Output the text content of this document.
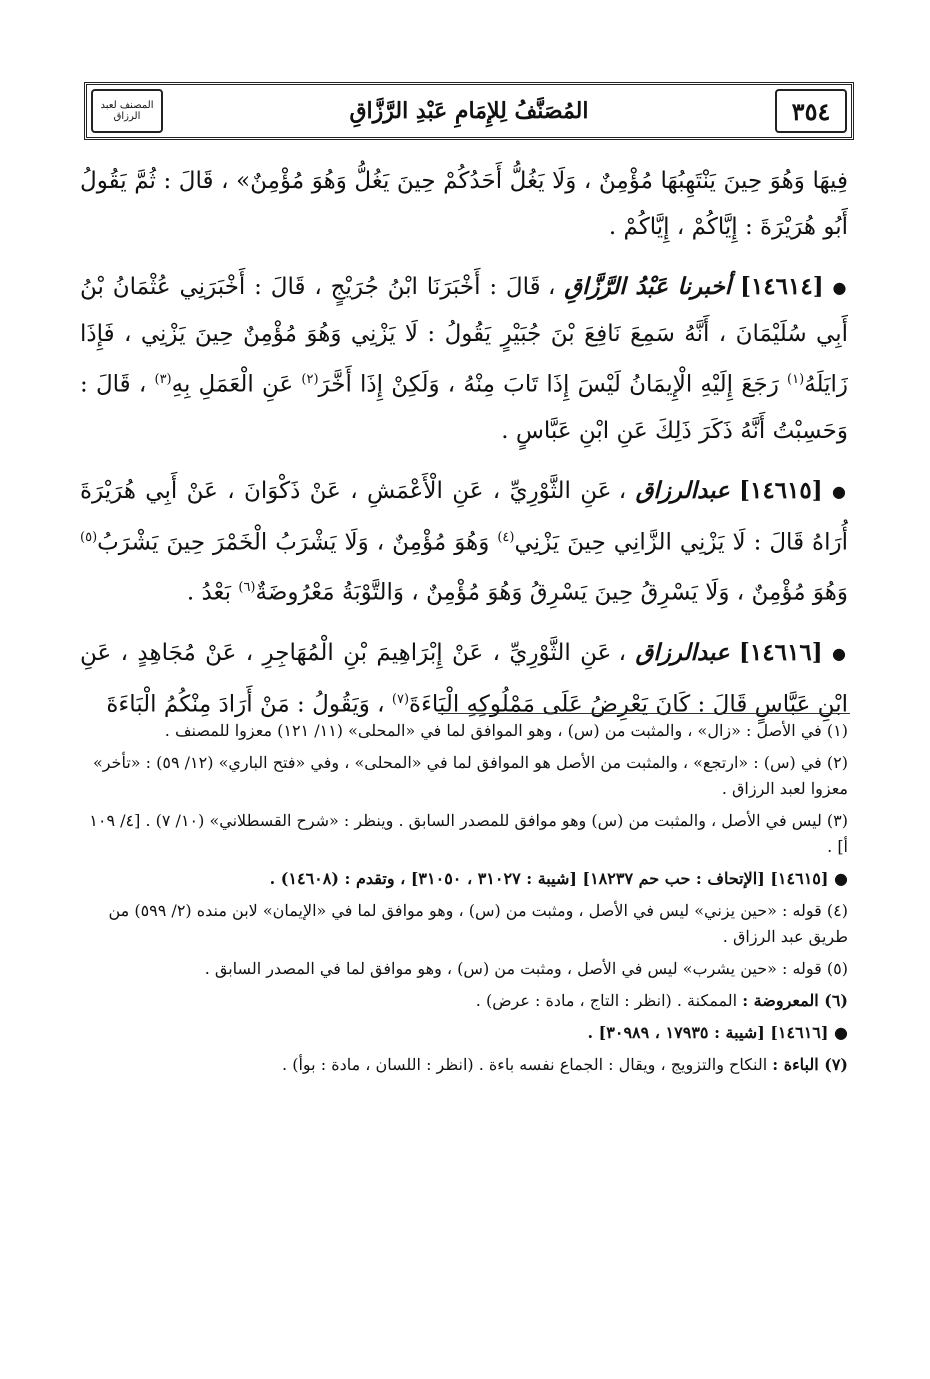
المصنف لعبد الرزاق	المُصَنَّفُ لِلإِمَامِ عَبْدِ الرَّزَّاقِ	٣٥٤

فِيهَا وَهُوَ حِينَ يَنْتَهِبُهَا مُؤْمِنٌ ، وَلَا يَغُلُّ أَحَدُكُمْ حِينَ يَغُلُّ وَهُوَ مُؤْمِنٌ» ، قَالَ : ثُمَّ يَقُولُ أَبُو هُرَيْرَةَ : إِيَّاكُمْ ، إِيَّاكُمْ .

● [١٤٦١٤] أخبرنا عَبْدُ الرَّزَّاقِ ، قَالَ : أَخْبَرَنَا ابْنُ جُرَيْجٍ ، قَالَ : أَخْبَرَنِي عُثْمَانُ بْنُ أَبِي سُلَيْمَانَ ، أَنَّهُ سَمِعَ نَافِعَ بْنَ جُبَيْرٍ يَقُولُ : لَا يَزْنِي وَهُوَ مُؤْمِنٌ حِينَ يَزْنِي ، فَإِذَا زَايَلَهُ$^{(١)}$ رَجَعَ إِلَيْهِ الْإِيمَانُ لَيْسَ إِذَا تَابَ مِنْهُ ، وَلَكِنْ إِذَا أَخَّرَ$^{(٢)}$ عَنِ الْعَمَلِ بِهِ$^{(٣)}$ ، قَالَ : وَحَسِبْتُ أَنَّهُ ذَكَرَ ذَلِكَ عَنِ ابْنِ عَبَّاسٍ .

● [١٤٦١٥] عبدالرزاق ، عَنِ الثَّوْرِيِّ ، عَنِ الْأَعْمَشِ ، عَنْ ذَكْوَانَ ، عَنْ أَبِي هُرَيْرَةَ أُرَاهُ قَالَ : لَا يَزْنِي الزَّانِي حِينَ يَزْنِي$^{(٤)}$ وَهُوَ مُؤْمِنٌ ، وَلَا يَشْرَبُ الْخَمْرَ حِينَ يَشْرَبُ$^{(٥)}$ وَهُوَ مُؤْمِنٌ ، وَلَا يَسْرِقُ حِينَ يَسْرِقُ وَهُوَ مُؤْمِنٌ ، وَالتَّوْبَةُ مَعْرُوضَةٌ$^{(٦)}$ بَعْدُ .

● [١٤٦١٦] عبدالرزاق ، عَنِ الثَّوْرِيِّ ، عَنْ إِبْرَاهِيمَ بْنِ الْمُهَاجِرِ ، عَنْ مُجَاهِدٍ ، عَنِ ابْنِ عَبَّاسٍ قَالَ : كَانَ يَعْرِضُ عَلَى مَمْلُوكِهِ الْبَاءَةَ$^{(٧)}$ ، وَيَقُولُ : مَنْ أَرَادَ مِنْكُمُ الْبَاءَةَ

(١) في الأصل : «زال» ، والمثبت من (س) ، وهو الموافق لما في «المحلى» (١١/ ١٢١) معزوا للمصنف .

(٢) في (س) : «ارتجع» ، والمثبت من الأصل هو الموافق لما في «المحلى» ، وفي «فتح الباري» (١٢/ ٥٩) : «تأخر» معزوا لعبد الرزاق .

(٣) ليس في الأصل ، والمثبت من (س) وهو موافق للمصدر السابق . وينظر : «شرح القسطلاني» (١٠/ ٧) . [٤/ ١٠٩ أ] .

● [١٤٦١٥] [الإتحاف : حب حم ١٨٢٣٧] [شيبة : ٣١٠٢٧ ، ٣١٠٥٠] ، وتقدم : (١٤٦٠٨) .

(٤) قوله : «حين يزني» ليس في الأصل ، ومثبت من (س) ، وهو موافق لما في «الإيمان» لابن منده (٢/ ٥٩٩) من طريق عبد الرزاق .

(٥) قوله : «حين يشرب» ليس في الأصل ، ومثبت من (س) ، وهو موافق لما في المصدر السابق .

(٦) المعروضة : الممكنة . (انظر : التاج ، مادة : عرض) .

● [١٤٦١٦] [شيبة : ١٧٩٣٥ ، ٣٠٩٨٩] .

(٧) الباءة : النكاح والتزويج ، ويقال : الجماع نفسه باءة . (انظر : اللسان ، مادة : بوأ) .
